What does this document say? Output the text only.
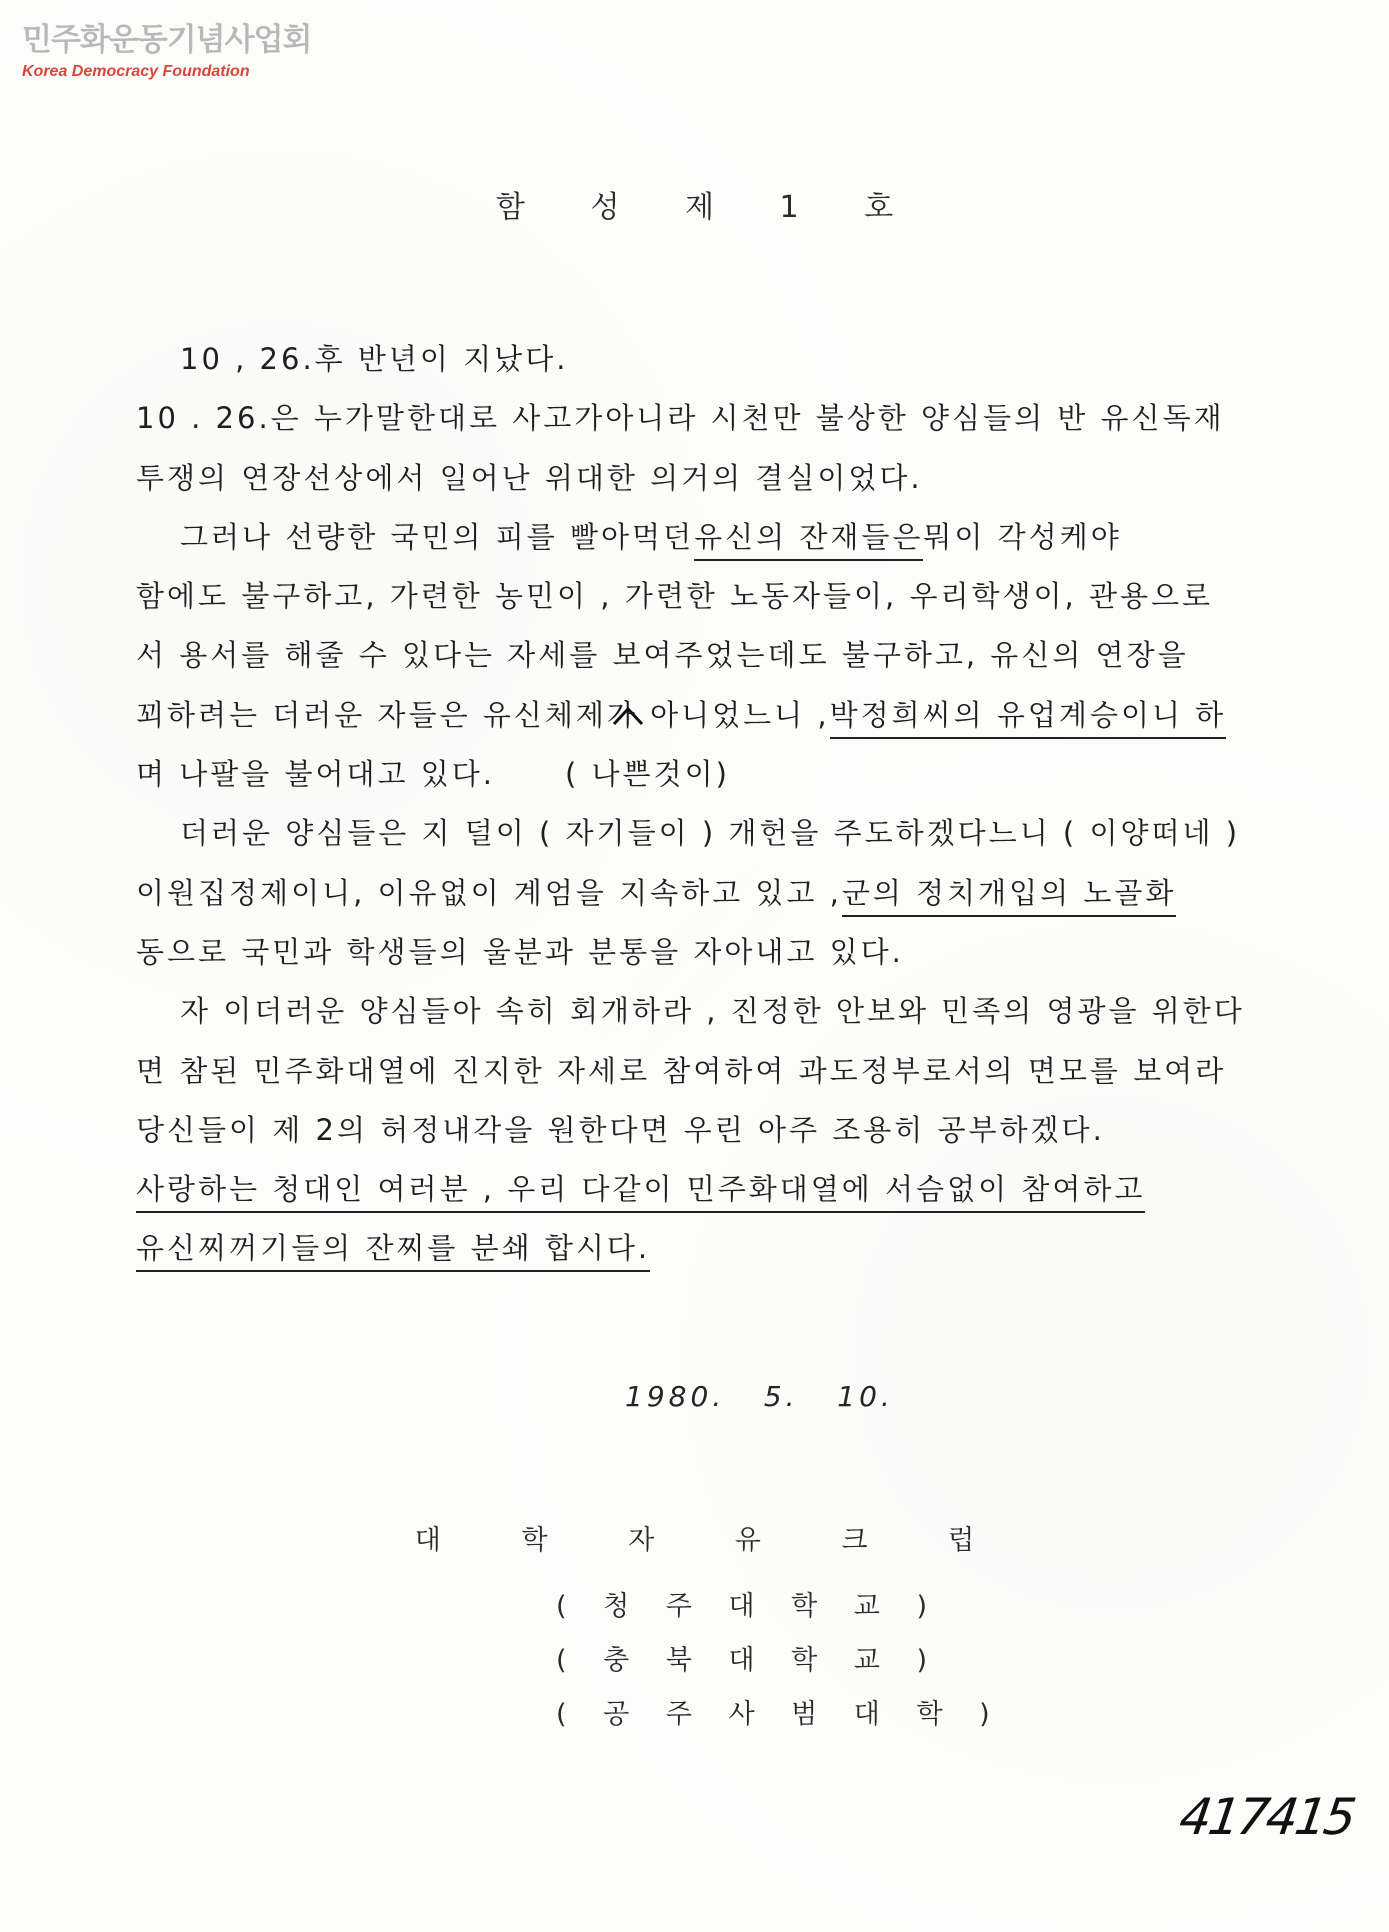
민주화운동기념사업회
Korea Democracy Foundation
함 성 제 1 호
10 , 26.후 반년이 지났다.
10 . 26.은 누가말한대로 사고가아니라 시천만 불상한 양심들의 반 유신독재
투쟁의 연장선상에서 일어난 위대한 의거의 결실이었다.
그러나 선량한 국민의 피를 빨아먹던유신의 잔재들은뭐이 각성케야
함에도 불구하고, 가련한 농민이 , 가련한 노동자들이, 우리학생이, 관용으로
서 용서를 해줄 수 있다는 자세를 보여주었는데도 불구하고, 유신의 연장을
꾀하려는 더러운 자들은 유신체제가 아니었느니 ,박정희씨의 유업계승이니 하
며 나팔을 불어대고 있다. ( 나쁜것이)
더러운 양심들은 지 덜이 ( 자기들이 ) 개헌을 주도하겠다느니 ( 이양떠네 )
이원집정제이니, 이유없이 계엄을 지속하고 있고 ,군의 정치개입의 노골화
동으로 국민과 학생들의 울분과 분통을 자아내고 있다.
자 이더러운 양심들아 속히 회개하라 , 진정한 안보와 민족의 영광을 위한다
면 참된 민주화대열에 진지한 자세로 참여하여 과도정부로서의 면모를 보여라
당신들이 제 2의 허정내각을 원한다면 우린 아주 조용히 공부하겠다.
사랑하는 청대인 여러분 , 우리 다같이 민주화대열에 서슴없이 참여하고
유신찌꺼기들의 잔찌를 분쇄 합시다.
1980.   5.   10.
대 학 자 유 크 럽
( 청 주 대 학 교 )
( 충 북 대 학 교 )
( 공 주 사 범 대 학 )
417415
